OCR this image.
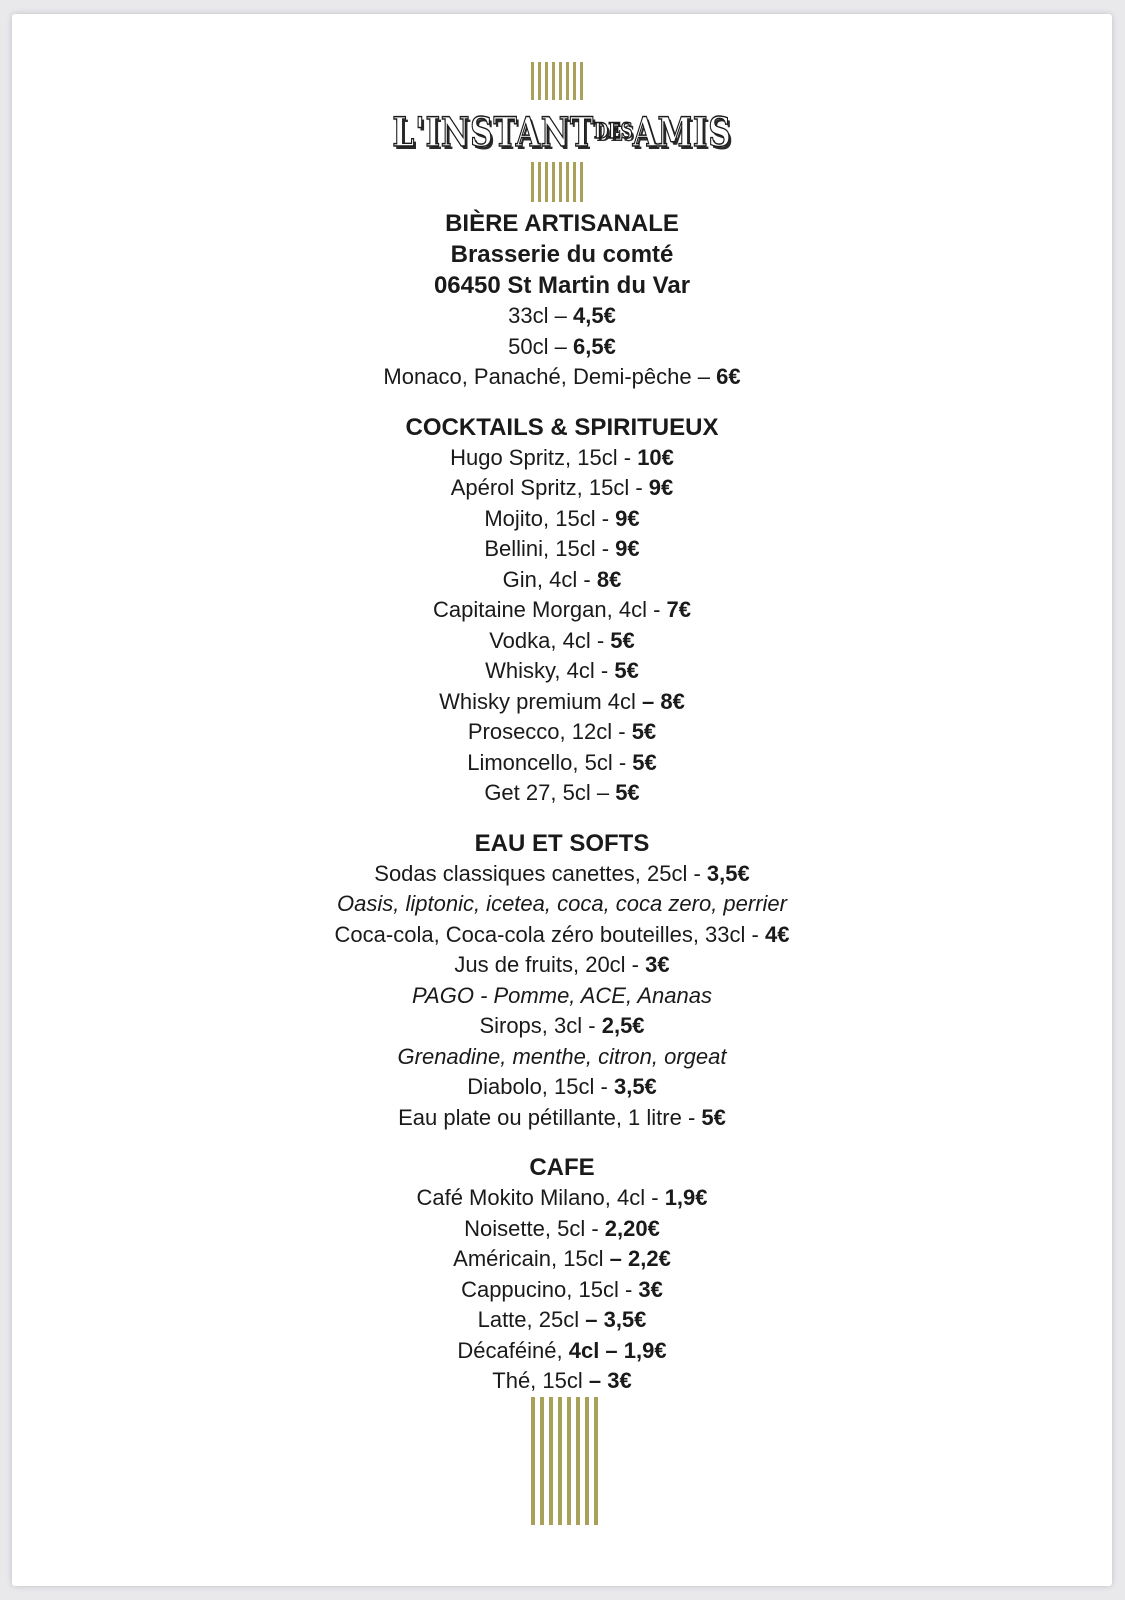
$L'INSTANT^{DES}AMIS$
BIÈRE ARTISANALE
Brasserie du comté
06450 St Martin du Var
33cl – 4,5€
50cl – 6,5€
Monaco, Panaché, Demi-pêche – 6€
COCKTAILS & SPIRITUEUX
Hugo Spritz, 15cl - 10€
Apérol Spritz, 15cl - 9€
Mojito, 15cl - 9€
Bellini, 15cl - 9€
Gin, 4cl - 8€
Capitaine Morgan, 4cl - 7€
Vodka, 4cl - 5€
Whisky, 4cl - 5€
Whisky premium 4cl – 8€
Prosecco, 12cl - 5€
Limoncello, 5cl - 5€
Get 27, 5cl – 5€
EAU ET SOFTS
Sodas classiques canettes, 25cl - 3,5€
Oasis, liptonic, icetea, coca, coca zero, perrier
Coca-cola, Coca-cola zéro bouteilles, 33cl - 4€
Jus de fruits, 20cl - 3€
PAGO - Pomme, ACE, Ananas
Sirops, 3cl - 2,5€
Grenadine, menthe, citron, orgeat
Diabolo, 15cl - 3,5€
Eau plate ou pétillante, 1 litre - 5€
CAFE
Café Mokito Milano, 4cl - 1,9€
Noisette, 5cl - 2,20€
Américain, 15cl – 2,2€
Cappucino, 15cl - 3€
Latte, 25cl – 3,5€
Décaféiné, 4cl – 1,9€
Thé, 15cl – 3€
